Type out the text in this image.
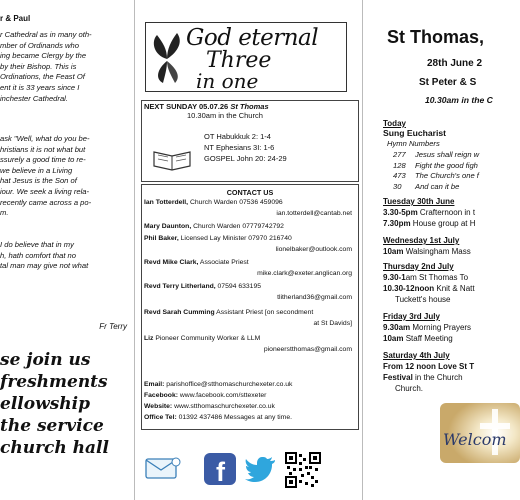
r & Paul
r Cathedral as in many oth-
mber of Ordinands who
ing became Clergy by the
by their Bishop. This is
Ordinations, the Feast Of
ent it is 33 years since I
inchester Cathedral.
ask "Well, what do you be-
hristians it is not what but
ssurely a good time to re-
we believe in a Living
hat Jesus is the Son of
iour. We seek a living rela-
recently came across a po-
m.
I do believe that in my
h, hath comfort that no
tal man may give not what
Fr Terry
se join us
freshments
ellowship
the service
church hall
God eternal
Three
in one
NEXT SUNDAY 05.07.26 St Thomas
10.30am in the Church
OT Habukkuk 2: 1-4
NT Ephesians 3I: 1-6
GOSPEL John 20: 24-29
CONTACT US
Ian Totterdell, Church Warden 07536 459096
ian.totterdell@cantab.net
Mary Daunton, Church Warden 07779742792
Phil Baker, Licensed Lay Minister 07970 216740
lionelbaker@outlook.com
Revd Mike Clark, Associate Priest
mike.clark@exeter.anglican.org
Revd Terry Litherland, 07594 633195
tlitherland36@gmail.com
Revd Sarah Cumming Assistant Priest [on secondment
at St Davids]
Liz Pioneer Community Worker & LLM
pioneerstthomas@gmail.com
Email: parishoffice@stthomaschurchexeter.co.uk
Facebook: www.facebook.com/sttexeter
Website: www.stthomaschurchexeter.co.uk
Office Tel: 01392 437486 Messages at any time.
f
St Thomas,
28th June 2
St Peter & S
10.30am in the C
Today
Sung Eucharist
Hymn Numbers
277 Jesus shall reign w
128 Fight the good figh
473 The Church's one f
30 And can it be
Tuesday 30th June
3.30-5pm Crafternoon in t
7.30pm House group at H
Wednesday 1st July
10am Walsingham Mass
Thursday 2nd July
9.30-1am St Thomas To
10.30-12noon Knit & Natt
Tuckett's house
Friday 3rd July
9.30am Morning Prayers
10am Staff Meeting
Saturday 4th July
From 12 noon Love St T
Festival in the Church
Church.
Welcom
